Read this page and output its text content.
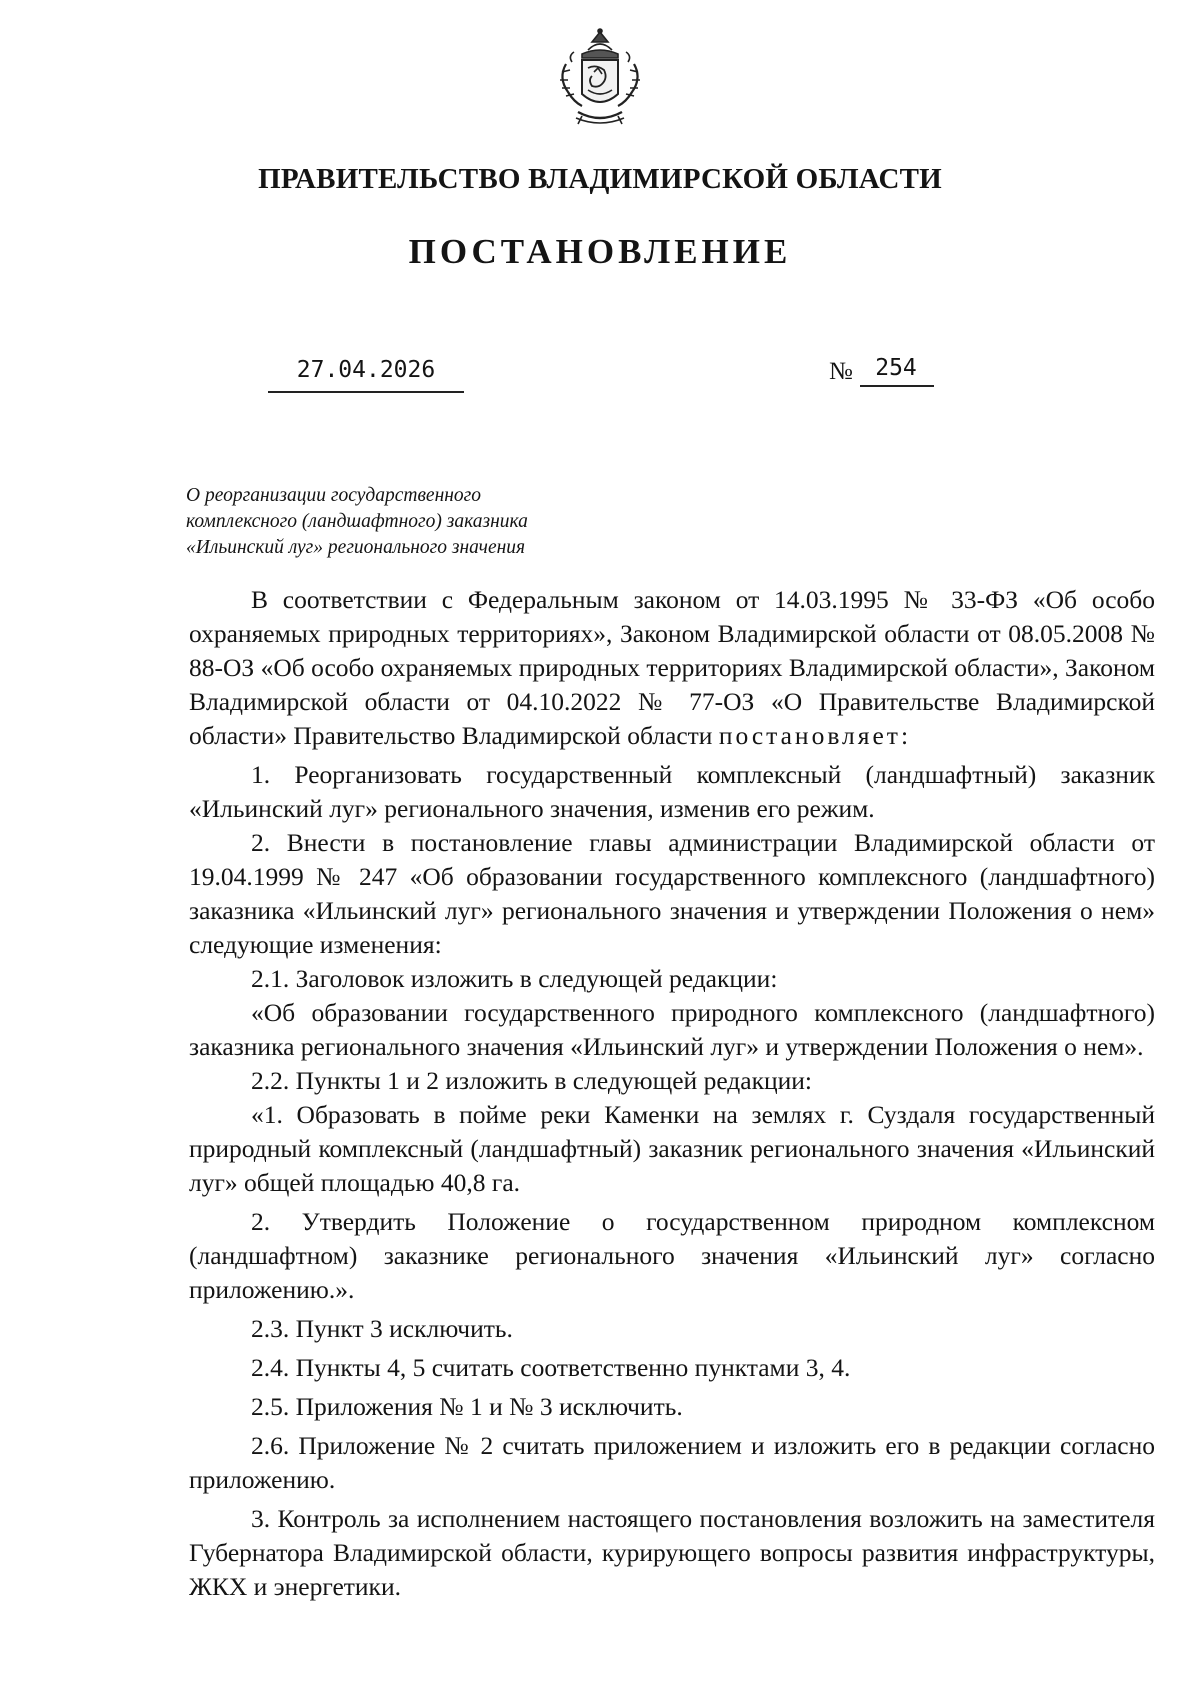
ПРАВИТЕЛЬСТВО ВЛАДИМИРСКОЙ ОБЛАСТИ
ПОСТАНОВЛЕНИЕ
27.04.2026	№ 254
О реорганизации государственного
комплексного (ландшафтного) заказника
«Ильинский луг» регионального значения

В соответствии с Федеральным законом от 14.03.1995 № 33-ФЗ «Об особо охраняемых природных территориях», Законом Владимирской области от 08.05.2008 № 88-ОЗ «Об особо охраняемых природных территориях Владимирской области», Законом Владимирской области от 04.10.2022 № 77-ОЗ «О Правительстве Владимирской области» Правительство Владимирской области постановляет:

1. Реорганизовать государственный комплексный (ландшафтный) заказник «Ильинский луг» регионального значения, изменив его режим.

2. Внести в постановление главы администрации Владимирской области от 19.04.1999 № 247 «Об образовании государственного комплексного (ландшафтного) заказника «Ильинский луг» регионального значения и утверждении Положения о нем» следующие изменения:

2.1. Заголовок изложить в следующей редакции:

«Об образовании государственного природного комплексного (ландшафтного) заказника регионального значения «Ильинский луг» и утверждении Положения о нем».

2.2. Пункты 1 и 2 изложить в следующей редакции:

«1. Образовать в пойме реки Каменки на землях г. Суздаля государственный природный комплексный (ландшафтный) заказник регионального значения «Ильинский луг» общей площадью 40,8 га.

2. Утвердить Положение о государственном природном комплексном (ландшафтном) заказнике регионального значения «Ильинский луг» согласно приложению.».

2.3. Пункт 3 исключить.

2.4. Пункты 4, 5 считать соответственно пунктами 3, 4.

2.5. Приложения № 1 и № 3 исключить.

2.6. Приложение № 2 считать приложением и изложить его в редакции согласно приложению.

3. Контроль за исполнением настоящего постановления возложить на заместителя Губернатора Владимирской области, курирующего вопросы развития инфраструктуры, ЖКХ и энергетики.
